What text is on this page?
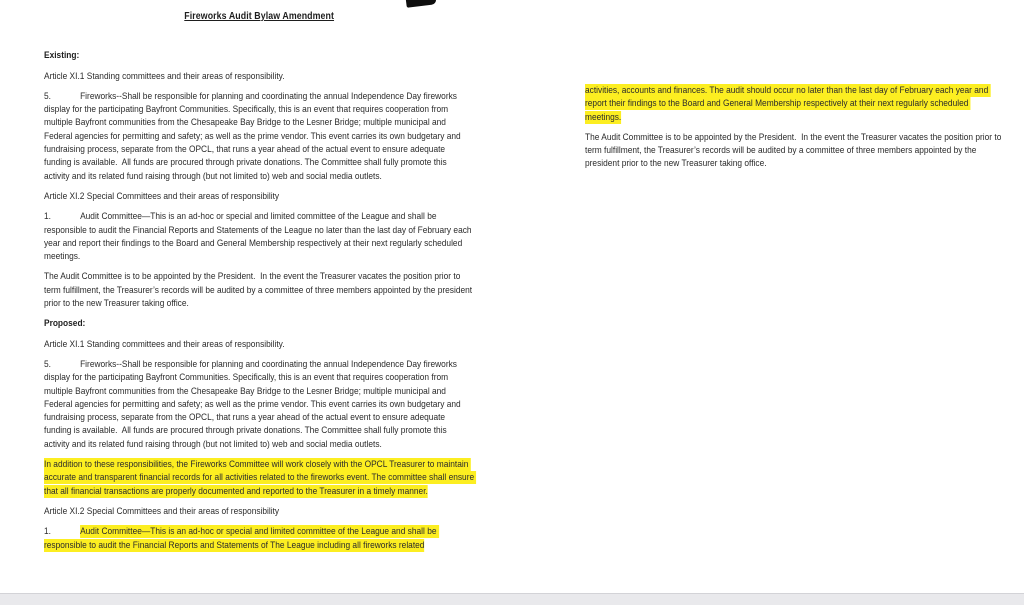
Fireworks Audit Bylaw Amendment

Existing:

Article XI.1 Standing committees and their areas of responsibility.

5.	Fireworks--Shall be responsible for planning and coordinating the annual Independence Day fireworks display for the participating Bayfront Communities. Specifically, this is an event that requires cooperation from multiple Bayfront communities from the Chesapeake Bay Bridge to the Lesner Bridge; multiple municipal and Federal agencies for permitting and safety; as well as the prime vendor. This event carries its own budgetary and fundraising process, separate from the OPCL, that runs a year ahead of the actual event to ensure adequate funding is available.  All funds are procured through private donations. The Committee shall fully promote this activity and its related fund raising through (but not limited to) web and social media outlets.

Article XI.2 Special Committees and their areas of responsibility

1.	Audit Committee—This is an ad-hoc or special and limited committee of the League and shall be responsible to audit the Financial Reports and Statements of the League no later than the last day of February each year and report their findings to the Board and General Membership respectively at their next regularly scheduled meetings.

The Audit Committee is to be appointed by the President.  In the event the Treasurer vacates the position prior to term fulfillment, the Treasurer’s records will be audited by a committee of three members appointed by the president prior to the new Treasurer taking office.

Proposed:

Article XI.1 Standing committees and their areas of responsibility.

5.	Fireworks--Shall be responsible for planning and coordinating the annual Independence Day fireworks display for the participating Bayfront Communities. Specifically, this is an event that requires cooperation from multiple Bayfront communities from the Chesapeake Bay Bridge to the Lesner Bridge; multiple municipal and Federal agencies for permitting and safety; as well as the prime vendor. This event carries its own budgetary and fundraising process, separate from the OPCL, that runs a year ahead of the actual event to ensure adequate funding is available.  All funds are procured through private donations. The Committee shall fully promote this activity and its related fund raising through (but not limited to) web and social media outlets.

In addition to these responsibilities, the Fireworks Committee will work closely with the OPCL Treasurer to maintain accurate and transparent financial records for all activities related to the fireworks event. The committee shall ensure that all financial transactions are properly documented and reported to the Treasurer in a timely manner.

Article XI.2 Special Committees and their areas of responsibility

1.	Audit Committee—This is an ad-hoc or special and limited committee of the League and shall be responsible to audit the Financial Reports and Statements of The League including all fireworks related

activities, accounts and finances. The audit should occur no later than the last day of February each year and report their findings to the Board and General Membership respectively at their next regularly scheduled meetings.

The Audit Committee is to be appointed by the President.  In the event the Treasurer vacates the position prior to term fulfillment, the Treasurer’s records will be audited by a committee of three members appointed by the president prior to the new Treasurer taking office.
